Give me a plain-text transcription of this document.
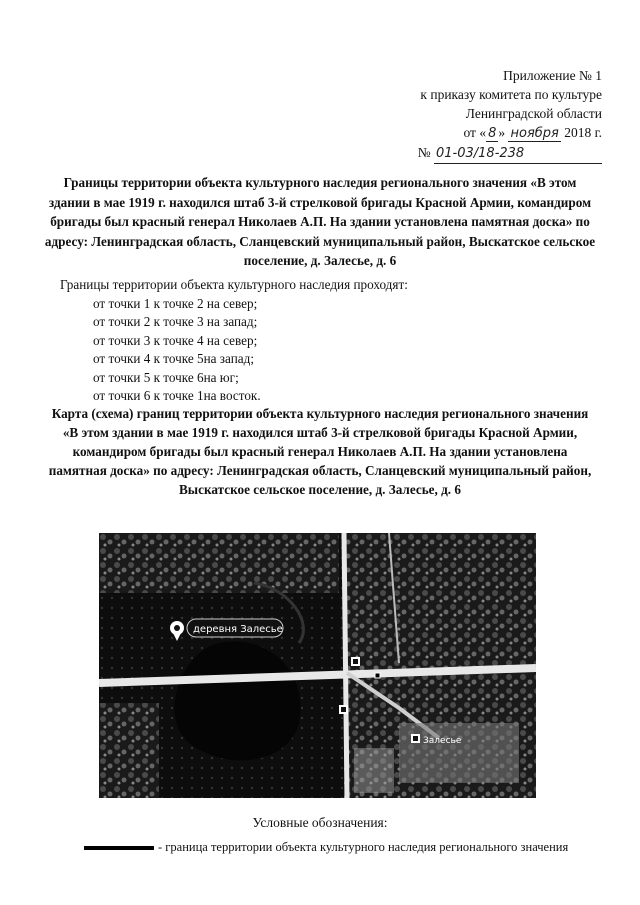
Приложение № 1
к приказу комитета по культуре
Ленинградской области
от « 8 » ноября 2018 г.
№ 01-03/18-238
Границы территории объекта культурного наследия регионального значения «В этом здании в мае 1919 г. находился штаб 3-й стрелковой бригады Красной Армии, командиром бригады был красный генерал Николаев А.П. На здании установлена памятная доска» по адресу: Ленинградская область, Сланцевский муниципальный район, Выскатское сельское поселение, д. Залесье, д. 6
Границы территории объекта культурного наследия проходят:
от точки 1 к точке 2 на север;
от точки 2 к точке 3 на запад;
от точки 3 к точке 4 на север;
от точки 4 к точке 5на запад;
от точки 5 к точке 6на юг;
от точки 6 к точке 1на восток.
Карта (схема) границ территории объекта культурного наследия регионального значения «В этом здании в мае 1919 г. находился штаб 3-й стрелковой бригады Красной Армии, командиром бригады был красный генерал Николаев А.П. На здании установлена памятная доска» по адресу: Ленинградская область, Сланцевский муниципальный район, Выскатское сельское поселение, д. Залесье, д. 6
деревня Залесье
Залесье
Условные обозначения:
- граница территории объекта культурного наследия регионального значения
